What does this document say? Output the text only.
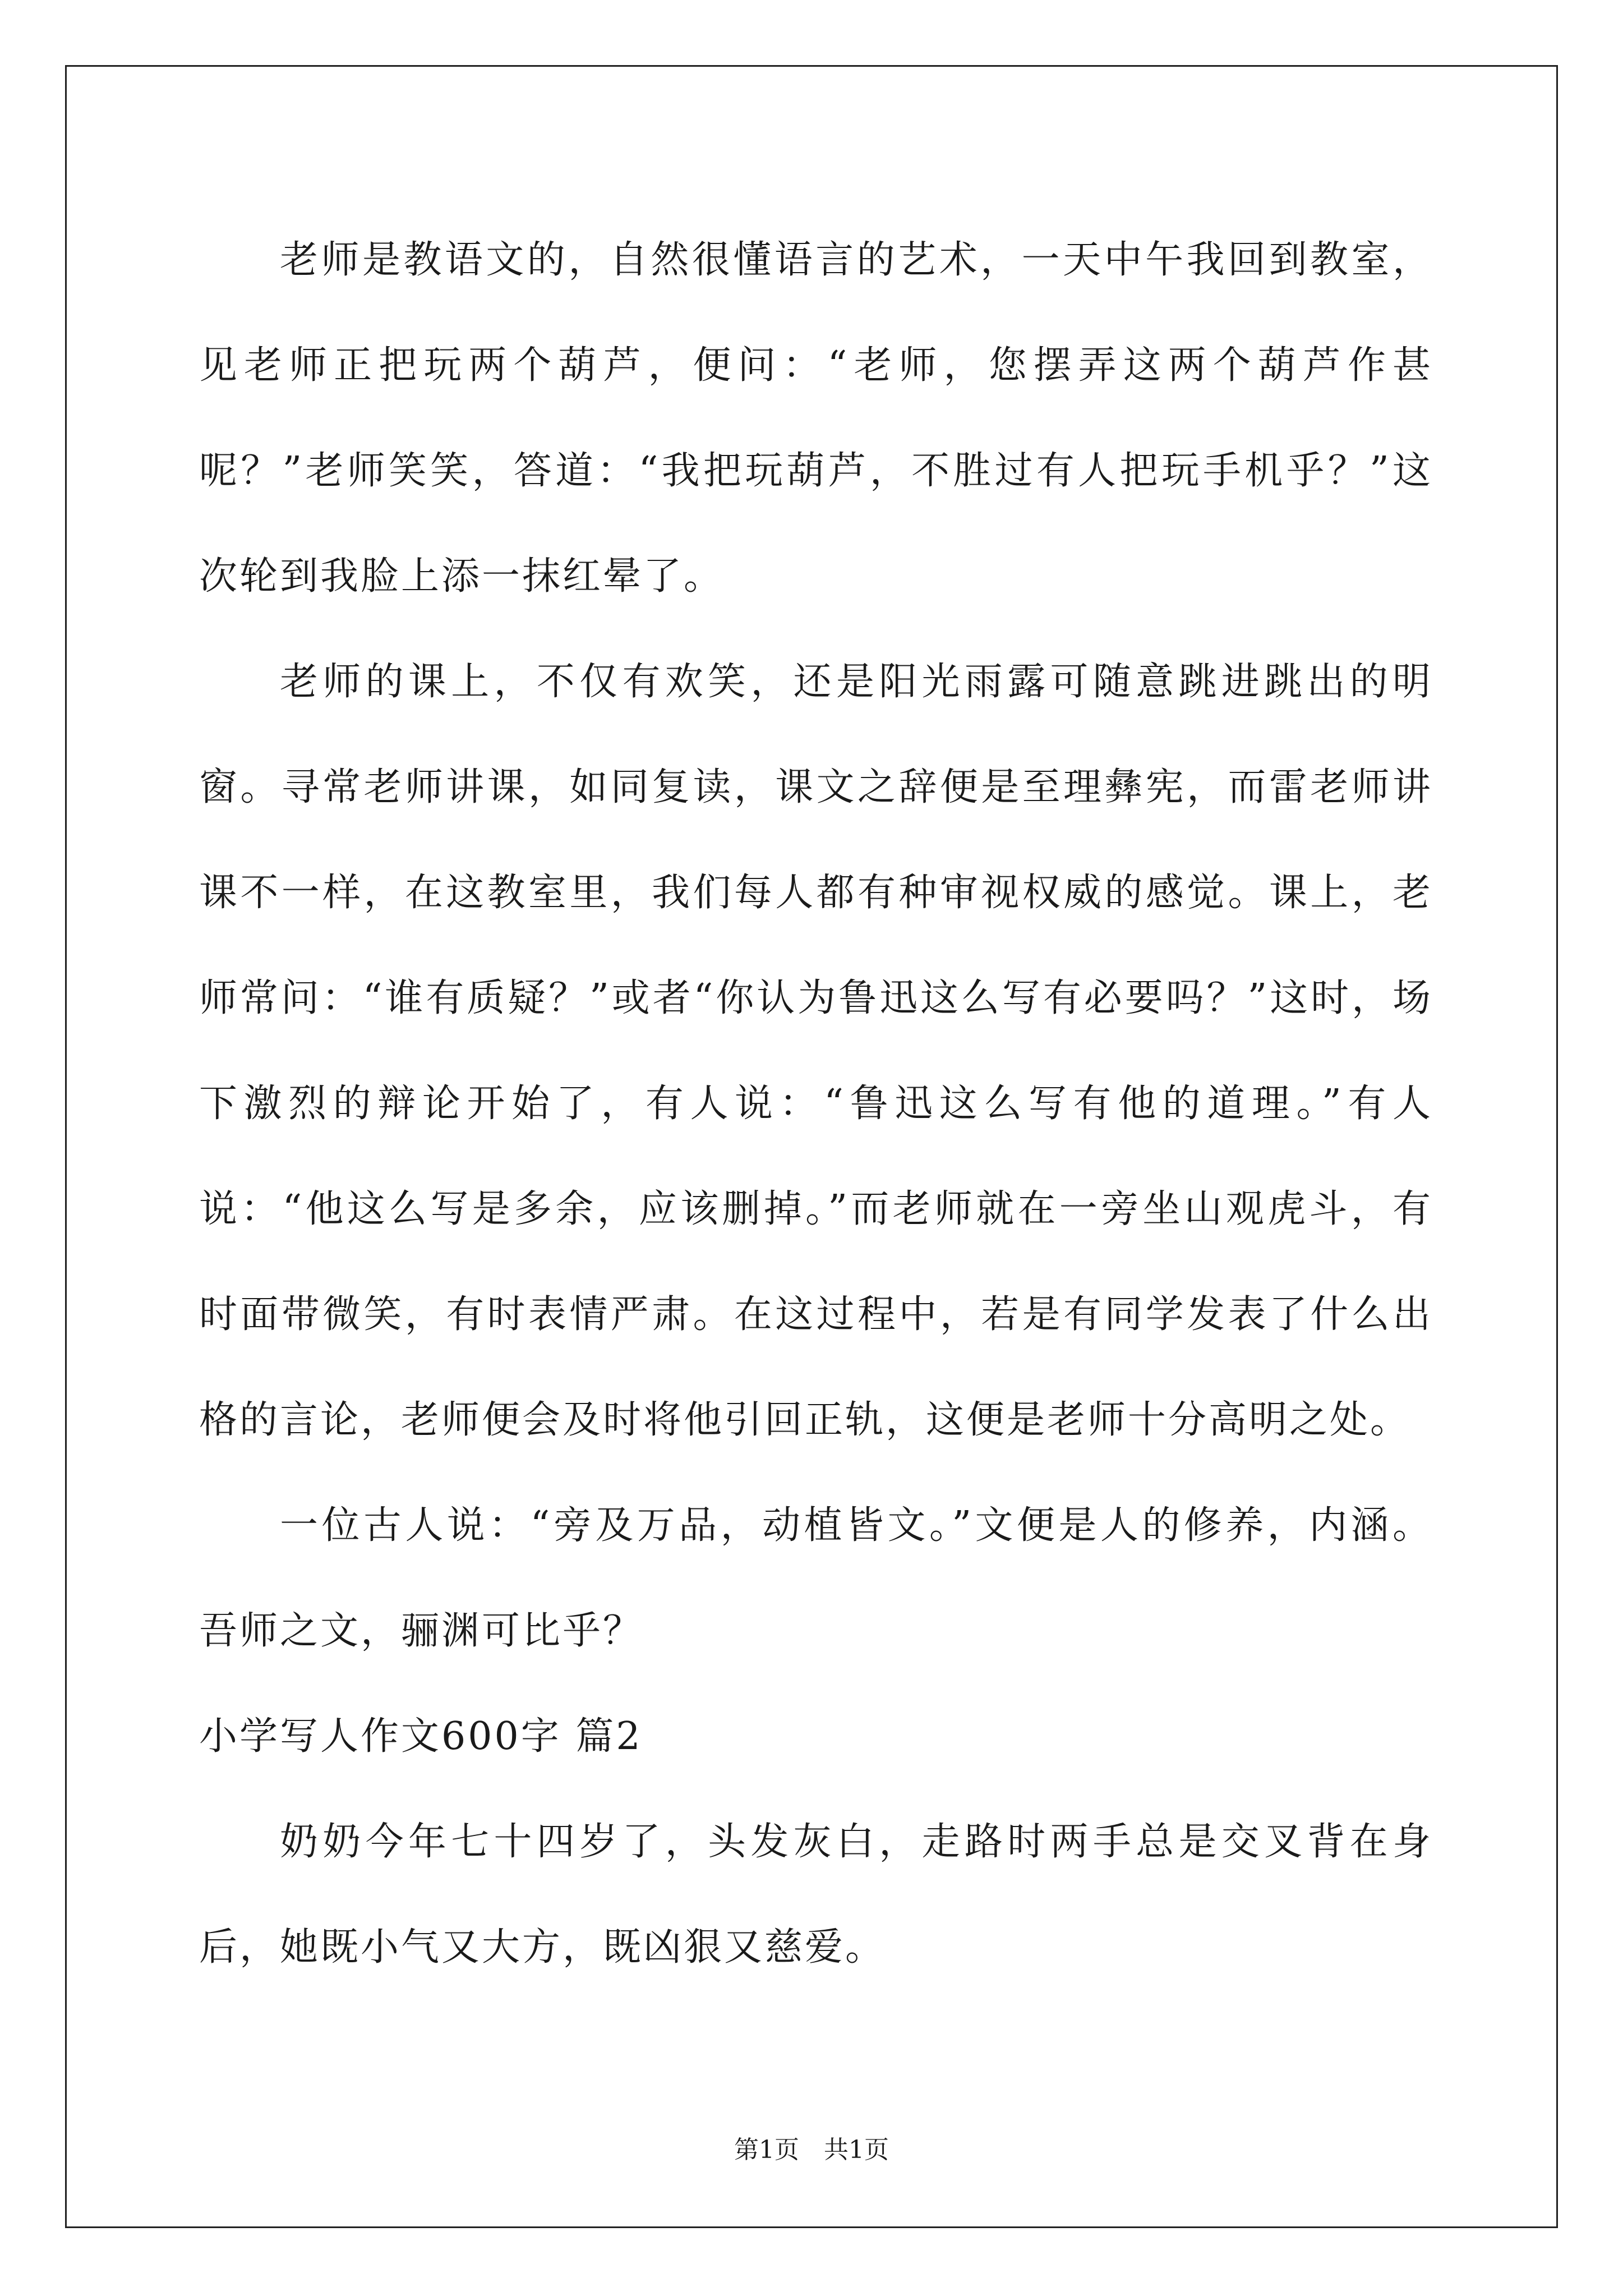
老师是教语文的，自然很懂语言的艺术，一天中午我回到教室，见老师正把玩两个葫芦，便问：“老师，您摆弄这两个葫芦作甚呢？”老师笑笑，答道：“我把玩葫芦，不胜过有人把玩手机乎？”这次轮到我脸上添一抹红晕了。

老师的课上，不仅有欢笑，还是阳光雨露可随意跳进跳出的明窗。寻常老师讲课，如同复读，课文之辞便是至理彝宪，而雷老师讲课不一样，在这教室里，我们每人都有种审视权威的感觉。课上，老师常问：“谁有质疑？”或者“你认为鲁迅这么写有必要吗？”这时，场下激烈的辩论开始了，有人说：“鲁迅这么写有他的道理。”有人说：“他这么写是多余，应该删掉。”而老师就在一旁坐山观虎斗，有时面带微笑，有时表情严肃。在这过程中，若是有同学发表了什么出格的言论，老师便会及时将他引回正轨，这便是老师十分高明之处。

一位古人说：“旁及万品，动植皆文。”文便是人的修养，内涵。吾师之文，骊渊可比乎？

小学写人作文600字 篇2

奶奶今年七十四岁了，头发灰白，走路时两手总是交叉背在身后，她既小气又大方，既凶狠又慈爱。

第1页　共1页
